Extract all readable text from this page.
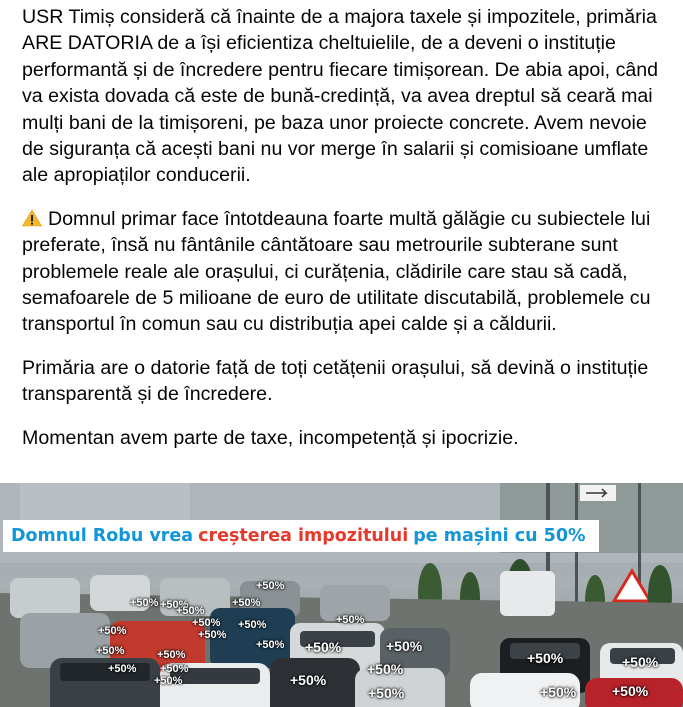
USR Timiș consideră că înainte de a majora taxele și impozitele, primăria ARE DATORIA de a își eficientiza cheltuielile, de a deveni o instituție performantă și de încredere pentru fiecare timișorean. De abia apoi, când va exista dovada că este de bună-credință, va avea dreptul să ceară mai mulți bani de la timișoreni, pe baza unor proiecte concrete. Avem nevoie de siguranța că acești bani nu vor merge în salarii și comisioane umflate ale apropiaților conducerii.

Domnul primar face întotdeauna foarte multă gălăgie cu subiectele lui preferate, însă nu fântânile cântătoare sau metrourile subterane sunt problemele reale ale orașului, ci curățenia, clădirile care stau să cadă, semafoarele de 5 milioane de euro de utilitate discutabilă, problemele cu transportul în comun sau cu distribuția apei calde și a căldurii.

Primăria are o datorie față de toți cetățenii orașului, să devină o instituție transparentă și de încredere.

Momentan avem parte de taxe, incompetență și ipocrizie.

Domnul Robu vrea creșterea impozitului pe mașini cu 50%
+50%
+50% +50%	+50%
+50%
+50%	+50%
+50%
+50%	+50%
+50% +50%	+50%
+50%	+50%
+50% +50%
+50%
+50%
+50%	+50%
+50%
+50%	+50%	+50%
